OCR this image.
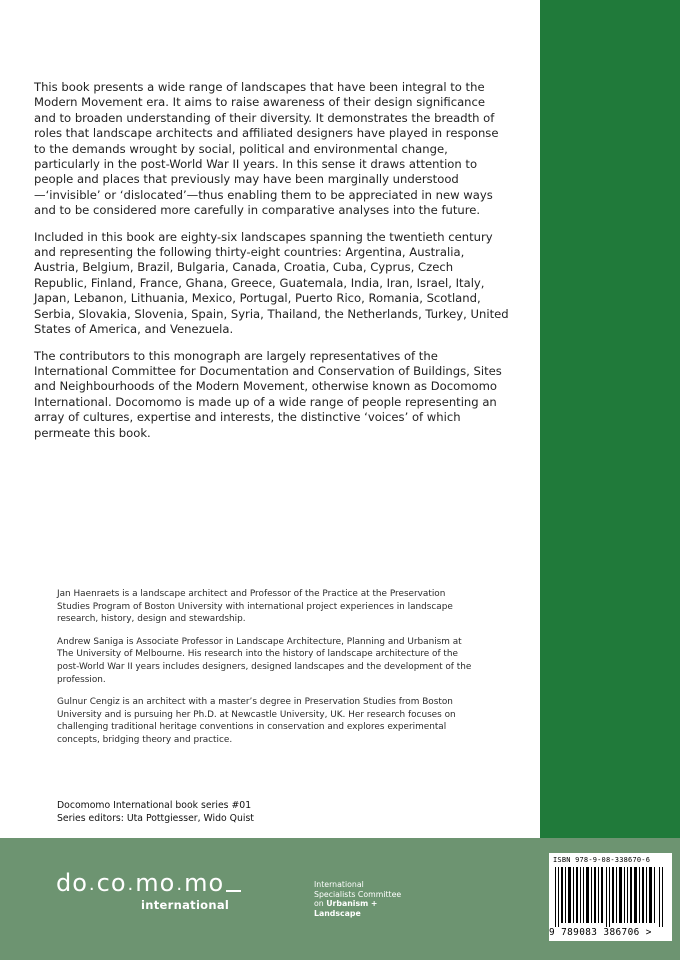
This book presents a wide range of landscapes that have been integral to the Modern Movement era. It aims to raise awareness of their design significance and to broaden understanding of their diversity. It demonstrates the breadth of roles that landscape architects and affiliated designers have played in response to the demands wrought by social, political and environmental change, particularly in the post-World War II years. In this sense it draws attention to people and places that previously may have been marginally understood—‘invisible’ or ‘dislocated’—thus enabling them to be appreciated in new ways and to be considered more carefully in comparative analyses into the future.

Included in this book are eighty-six landscapes spanning the twentieth century and representing the following thirty-eight countries: Argentina, Australia, Austria, Belgium, Brazil, Bulgaria, Canada, Croatia, Cuba, Cyprus, Czech Republic, Finland, France, Ghana, Greece, Guatemala, India, Iran, Israel, Italy, Japan, Lebanon, Lithuania, Mexico, Portugal, Puerto Rico, Romania, Scotland, Serbia, Slovakia, Slovenia, Spain, Syria, Thailand, the Netherlands, Turkey, United States of America, and Venezuela.

The contributors to this monograph are largely representatives of the International Committee for Documentation and Conservation of Buildings, Sites and Neighbourhoods of the Modern Movement, otherwise known as Docomomo International. Docomomo is made up of a wide range of people representing an array of cultures, expertise and interests, the distinctive ‘voices’ of which permeate this book.

Jan Haenraets is a landscape architect and Professor of the Practice at the Preservation Studies Program of Boston University with international project experiences in landscape research, history, design and stewardship.

Andrew Saniga is Associate Professor in Landscape Architecture, Planning and Urbanism at The University of Melbourne. His research into the history of landscape architecture of the post-World War II years includes designers, designed landscapes and the development of the profession.

Gulnur Cengiz is an architect with a master’s degree in Preservation Studies from Boston University and is pursuing her Ph.D. at Newcastle University, UK. Her research focuses on challenging traditional heritage conventions in conservation and explores experimental concepts, bridging theory and practice.

Docomomo International book series #01

Series editors: Uta Pottgiesser, Wido Quist

do . co . mo . mo
international
International
Specialists Committee
on Urbanism +
Landscape
ISBN 978-9-08-338670-6
9 789083 386706 >
